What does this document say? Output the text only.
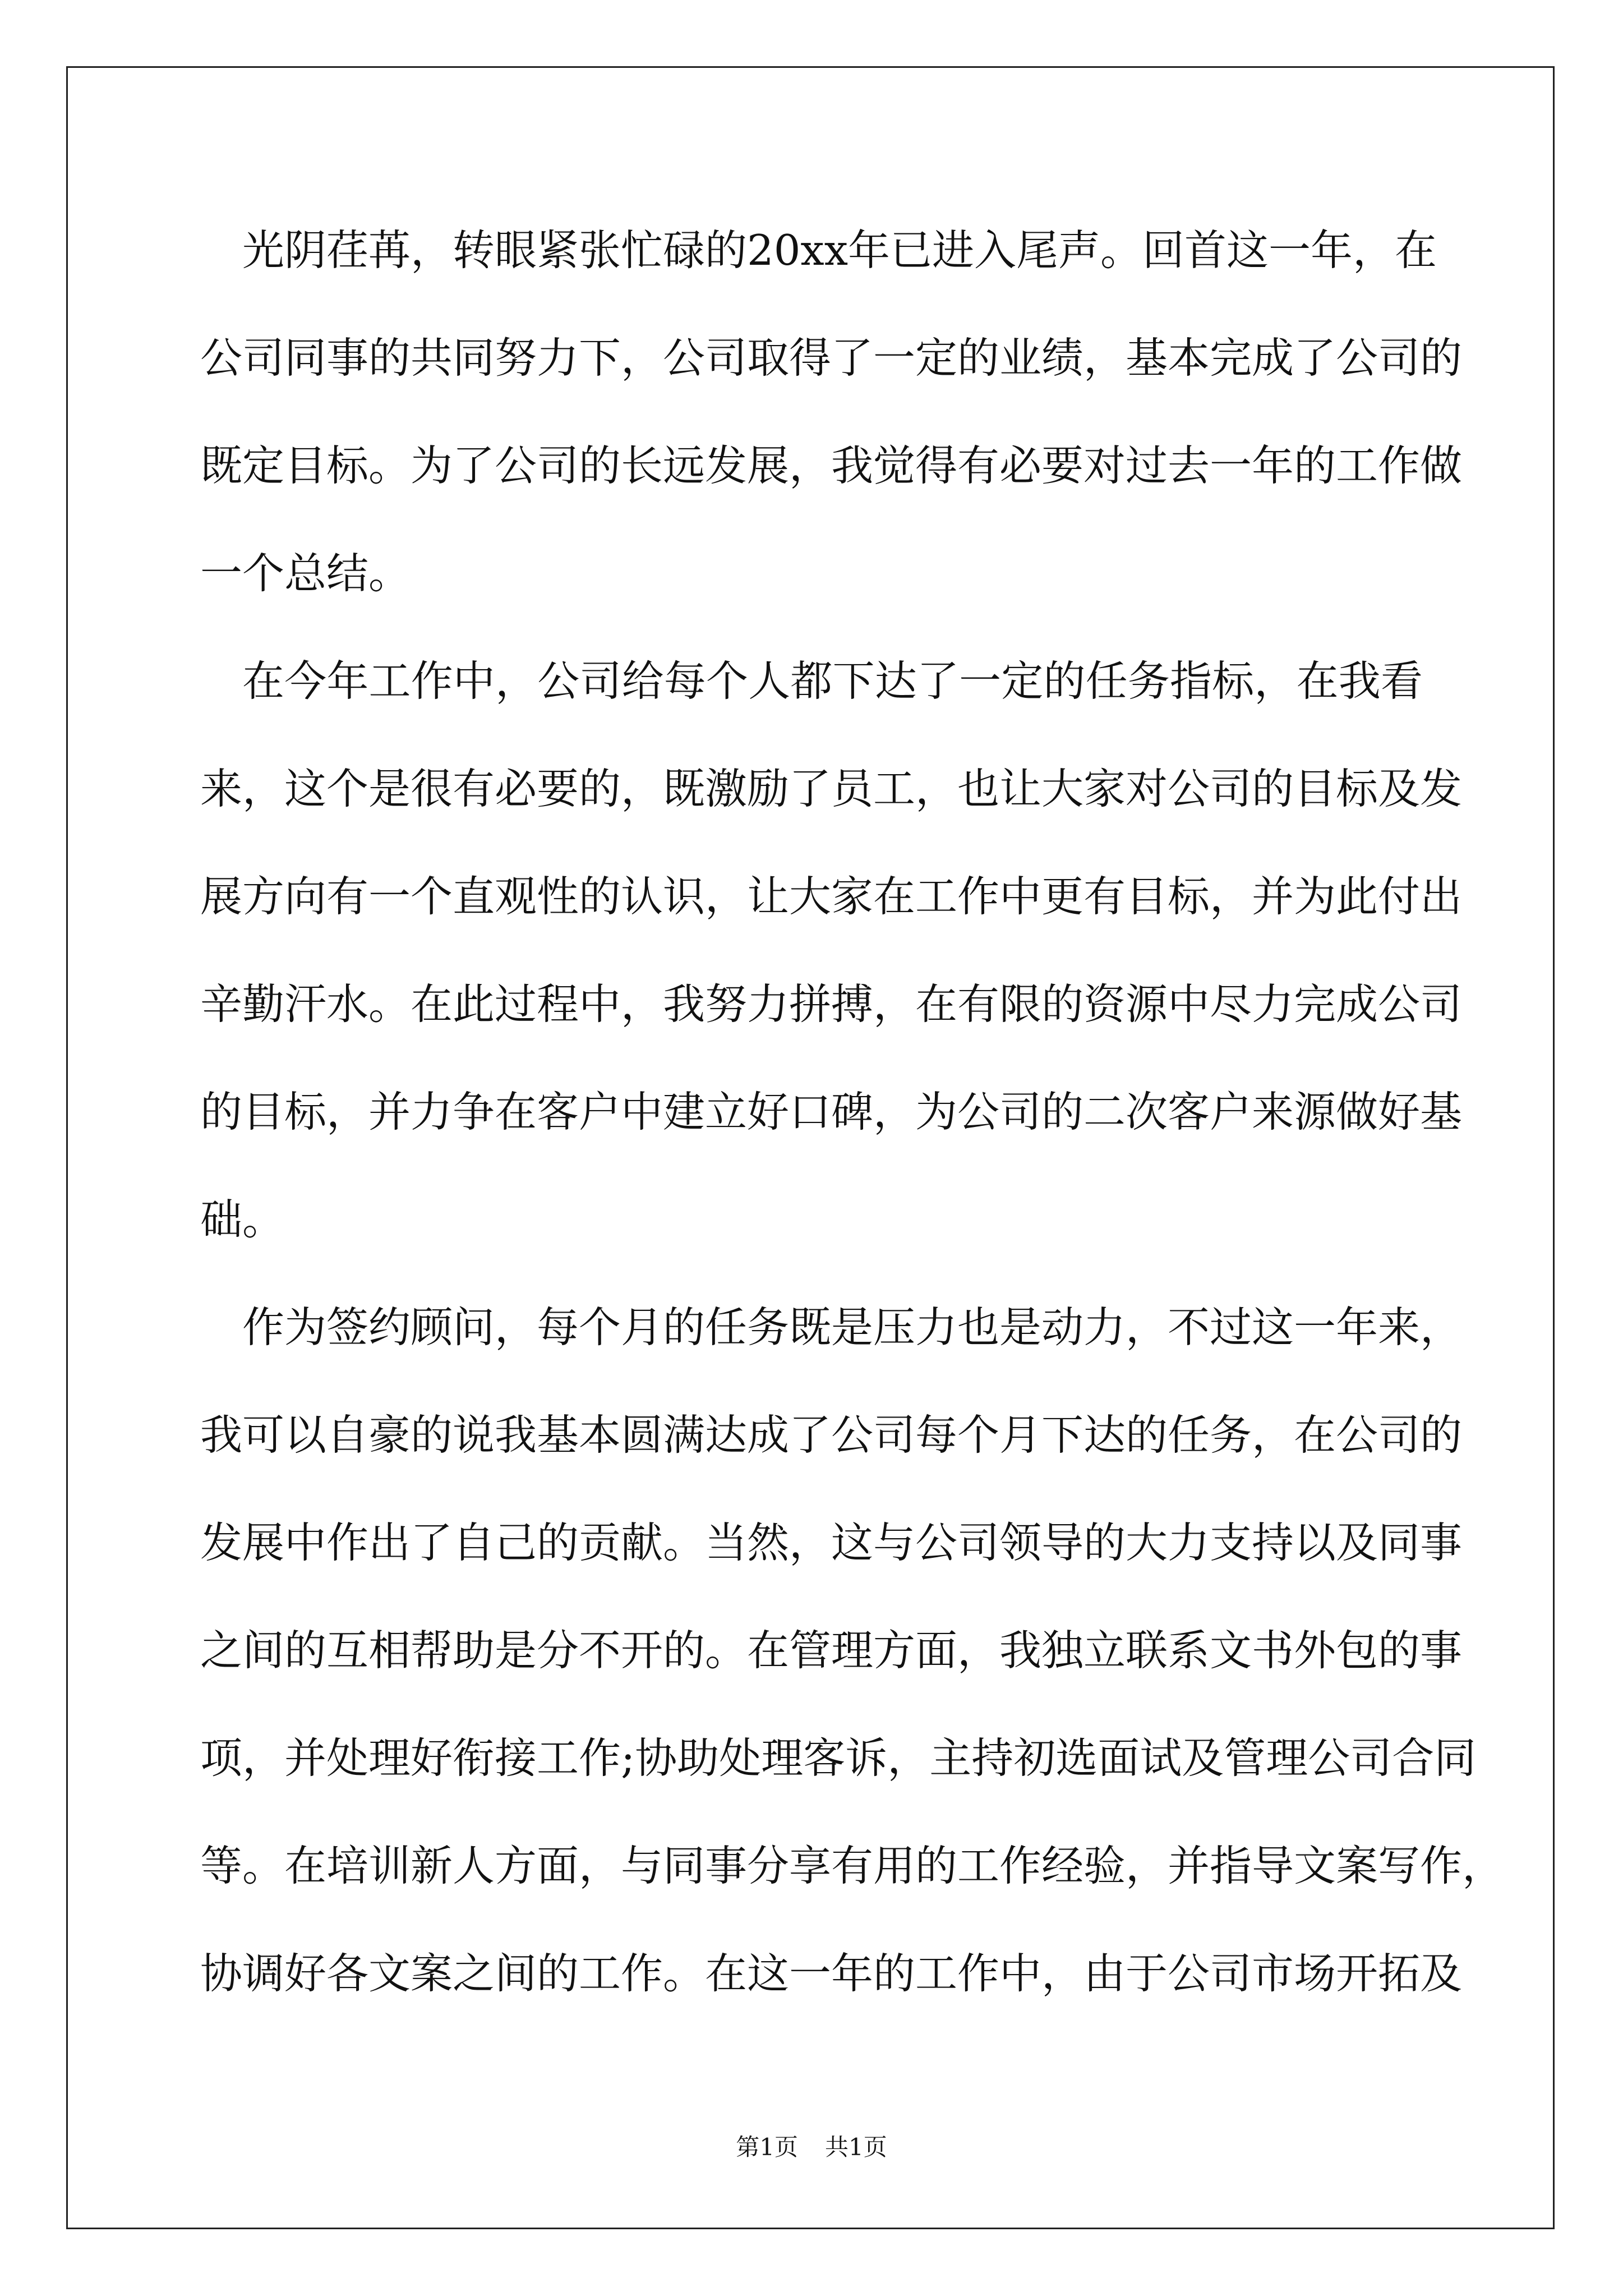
光阴荏苒，转眼紧张忙碌的20xx年已进入尾声。回首这一年，在
公司同事的共同努力下，公司取得了一定的业绩，基本完成了公司的
既定目标。为了公司的长远发展，我觉得有必要对过去一年的工作做
一个总结。
在今年工作中，公司给每个人都下达了一定的任务指标，在我看
来，这个是很有必要的，既激励了员工，也让大家对公司的目标及发
展方向有一个直观性的认识，让大家在工作中更有目标，并为此付出
辛勤汗水。在此过程中，我努力拼搏，在有限的资源中尽力完成公司
的目标，并力争在客户中建立好口碑，为公司的二次客户来源做好基
础。
作为签约顾问，每个月的任务既是压力也是动力，不过这一年来，
我可以自豪的说我基本圆满达成了公司每个月下达的任务，在公司的
发展中作出了自己的贡献。当然，这与公司领导的大力支持以及同事
之间的互相帮助是分不开的。在管理方面，我独立联系文书外包的事
项，并处理好衔接工作;协助处理客诉，主持初选面试及管理公司合同
等。在培训新人方面，与同事分享有用的工作经验，并指导文案写作，
协调好各文案之间的工作。在这一年的工作中，由于公司市场开拓及
第1页 共1页
